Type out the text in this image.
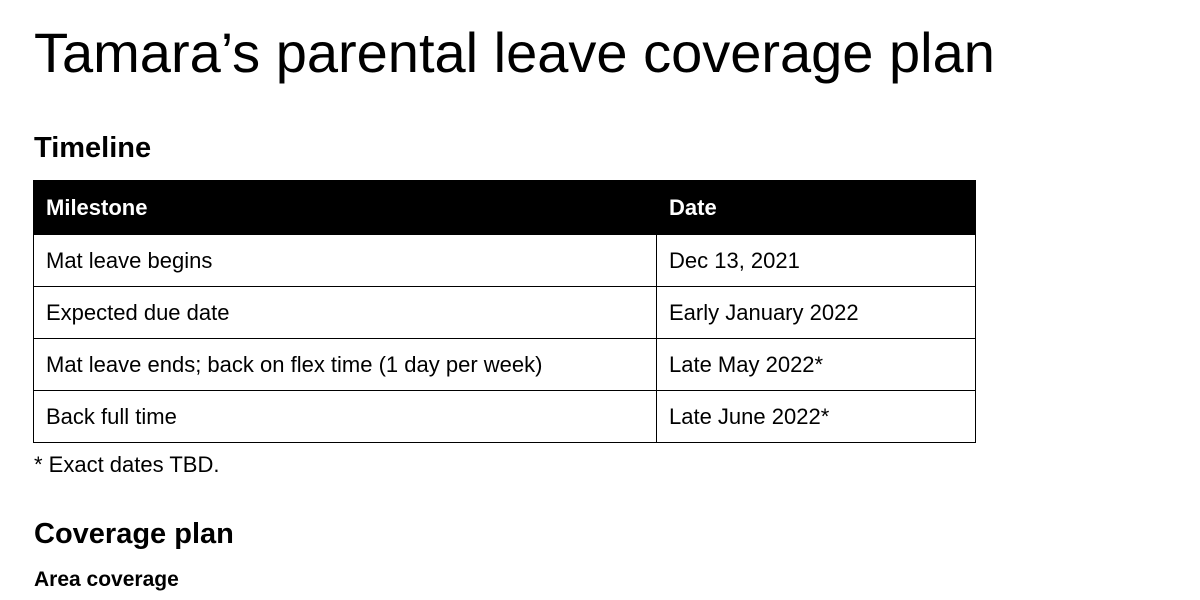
Tamara’s parental leave coverage plan
Timeline
Milestone	Date
Mat leave begins	Dec 13, 2021
Expected due date	Early January 2022
Mat leave ends; back on flex time (1 day per week)	Late May 2022*
Back full time	Late June 2022*
* Exact dates TBD.
Coverage plan
Area coverage
